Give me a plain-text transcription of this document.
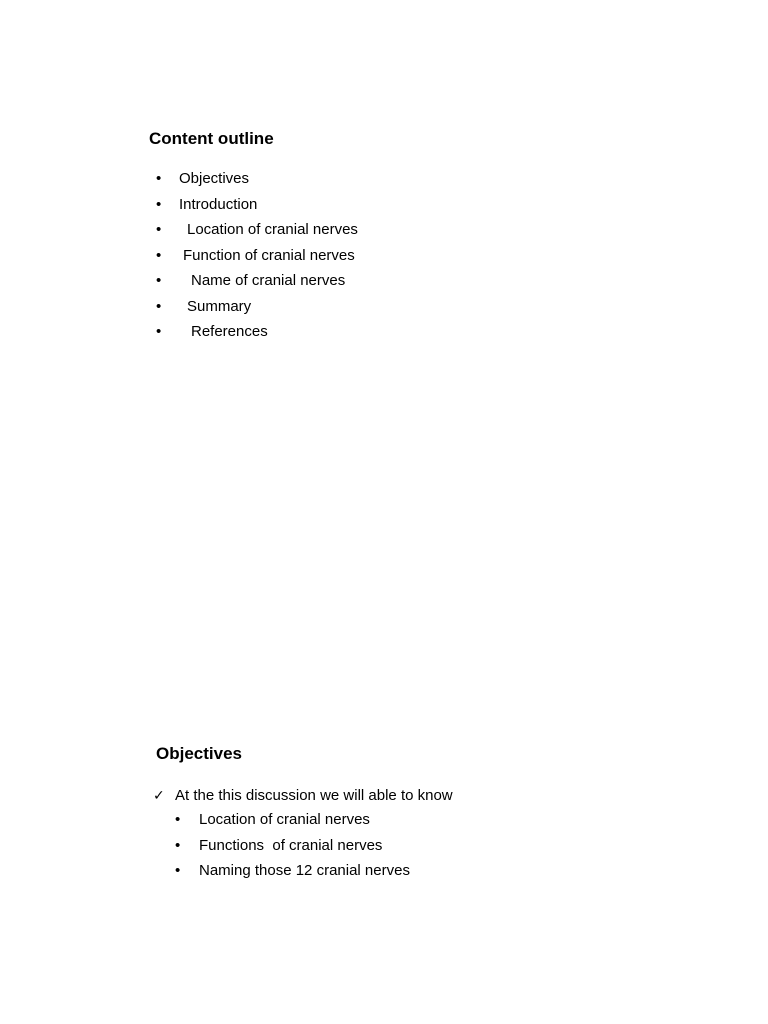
Content outline
• Objectives
• Introduction
• Location of cranial nerves
• Function of cranial nerves
• Name of cranial nerves
• Summary
• References
Objectives
✓ At the this discussion we will able to know
• Location of cranial nerves
• Functions  of cranial nerves
• Naming those 12 cranial nerves
